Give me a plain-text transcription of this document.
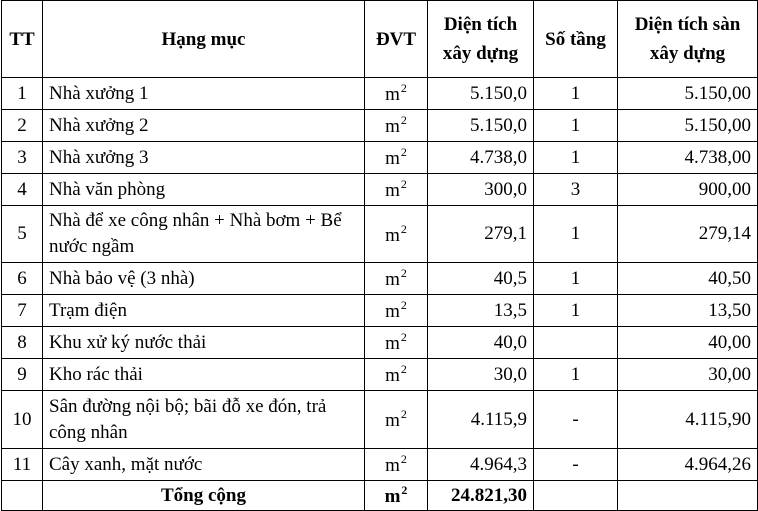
TT	Hạng mục	ĐVT	Diện tích xây dựng	Số tầng	Diện tích sàn xây dựng
1	Nhà xưởng 1	$m^2$	5.150,0	1	5.150,00
2	Nhà xưởng 2	$m^2$	5.150,0	1	5.150,00
3	Nhà xưởng 3	$m^2$	4.738,0	1	4.738,00
4	Nhà văn phòng	$m^2$	300,0	3	900,00
5	Nhà để xe công nhân + Nhà bơm + Bể nước ngầm	$m^2$	279,1	1	279,14
6	Nhà bảo vệ (3 nhà)	$m^2$	40,5	1	40,50
7	Trạm điện	$m^2$	13,5	1	13,50
8	Khu xử ký nước thải	$m^2$	40,0		40,00
9	Kho rác thải	$m^2$	30,0	1	30,00
10	Sân đường nội bộ; bãi đỗ xe đón, trả công nhân	$m^2$	4.115,9	-	4.115,90
11	Cây xanh, mặt nước	$m^2$	4.964,3	-	4.964,26
	Tổng cộng	$m^2$	24.821,30		
